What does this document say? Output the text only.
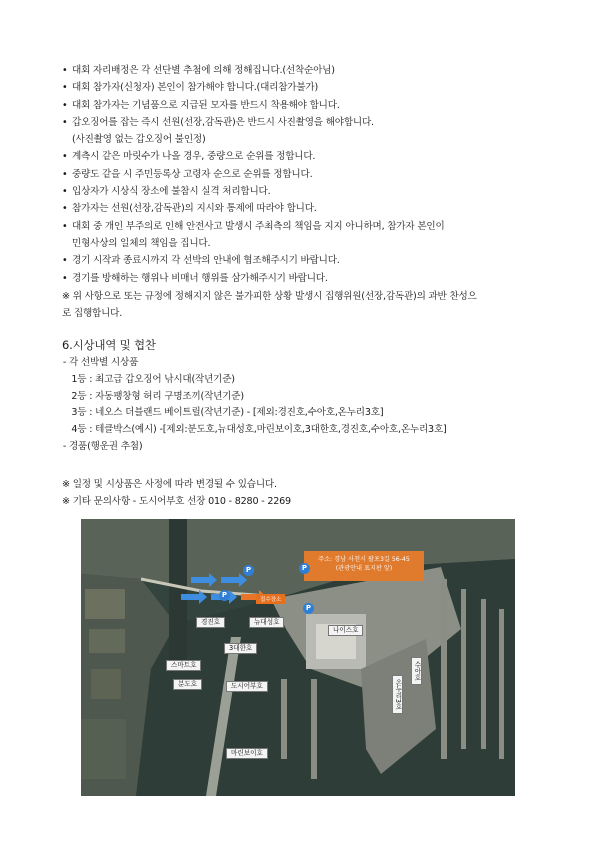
• 대회 자리배정은 각 선단별 추첨에 의해 정해집니다.(선착순아님)
• 대회 참가자(신청자) 본인이 참가해야 합니다.(대리참가불가)
• 대회 참가자는 기념품으로 지급된 모자를 반드시 착용해야 합니다.
• 갑오징어를 잡는 즉시 선원(선장,감독관)은 반드시 사진촬영을 해야합니다.
(사진촬영 없는 갑오징어 불인정)
• 계측시 같은 마릿수가 나올 경우, 중량으로 순위를 정합니다.
• 중량도 같을 시 주민등록상 고령자 순으로 순위를 정합니다.
• 입상자가 시상식 장소에 불참시 실격 처리합니다.
• 참가자는 선원(선장,감독관)의 지시와 통제에 따라야 합니다.
• 대회 중 개인 부주의로 인해 안전사고 발생시 주최측의 책임을 지지 아니하며, 참가자 본인이
민형사상의 일체의 책임을 집니다.
• 경기 시작과 종료시까지 각 선박의 안내에 협조해주시기 바랍니다.
• 경기를 방해하는 행위나 비매너 행위를 삼가해주시기 바랍니다.
※ 위 사항으로 또는 규정에 정해지지 않은 불가피한 상황 발생시 집행위원(선장,감독관)의 과반 찬성으
로 집행합니다.
6.시상내역 및 협찬
- 각 선박별 시상품
1등 : 최고급 갑오징어 낚시대(작년기준)
2등 : 자동팽창형 허리 구명조끼(작년기준)
3등 : 네오스 더블랜드 베이트릴(작년기준) - [제외:경진호,수아호,온누리3호]
4등 : 테클박스(예시) -[제외:분도호,뉴대성호,마린보이호,3대한호,경진호,수아호,온누리3호]
- 경품(행운권 추첨)
※ 일정 및 시상품은 사정에 따라 변경될 수 있습니다.
※ 기타 문의사항 - 도시어부호 선장 010 - 8280 - 2269
주소: 경남 사천시 팔포3길 56-45
(관광안내 표지판 앞)
접수장소
P
P
P
P
나이스호
경진호	뉴대성호
3대한호
도시어부호
스마트호
분도호
마린보이호
온누리3호
수아호
